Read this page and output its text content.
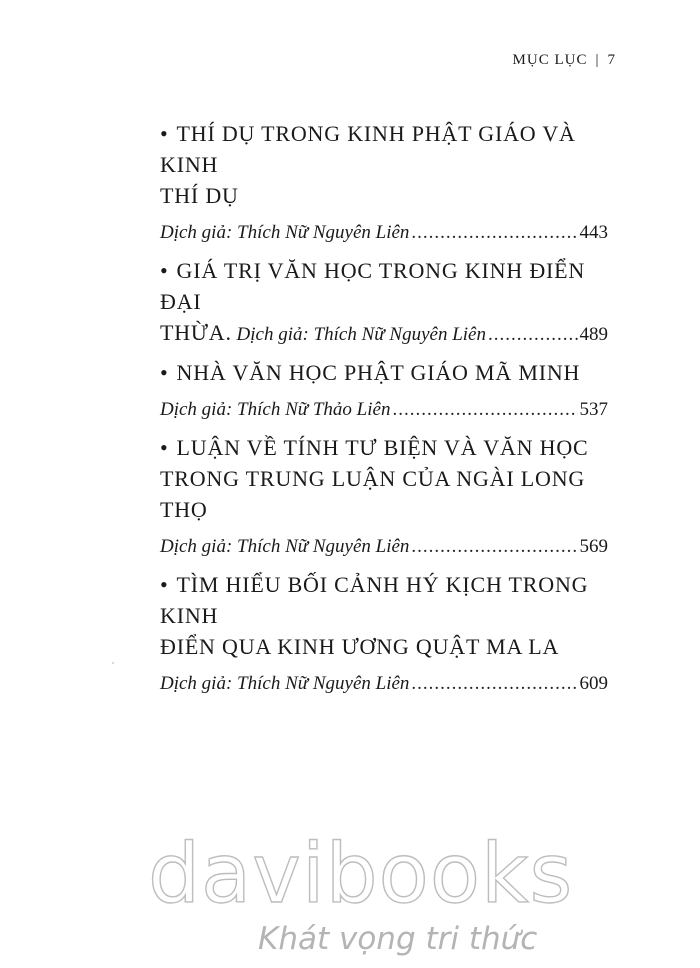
MỤC LỤC | 7
• THÍ DỤ TRONG KINH PHẬT GIÁO VÀ KINH
THÍ DỤ
Dịch giả: Thích Nữ Nguyên Liên .....	443
• GIÁ TRỊ VĂN HỌC TRONG KINH ĐIỂN ĐẠI
THỪA.
Dịch giả: Thích Nữ Nguyên Liên .....	489
• NHÀ VĂN HỌC PHẬT GIÁO MÃ MINH
Dịch giả: Thích Nữ Thảo Liên .....	537
• LUẬN VỀ TÍNH TƯ BIỆN VÀ VĂN HỌC
TRONG TRUNG LUẬN CỦA NGÀI LONG THỌ
Dịch giả: Thích Nữ Nguyên Liên .....	569
• TÌM HIỂU BỐI CẢNH HÝ KỊCH TRONG KINH
ĐIỂN QUA KINH ƯƠNG QUẬT MA LA
Dịch giả: Thích Nữ Nguyên Liên .....	609
davibooks
Khát vọng tri thức
